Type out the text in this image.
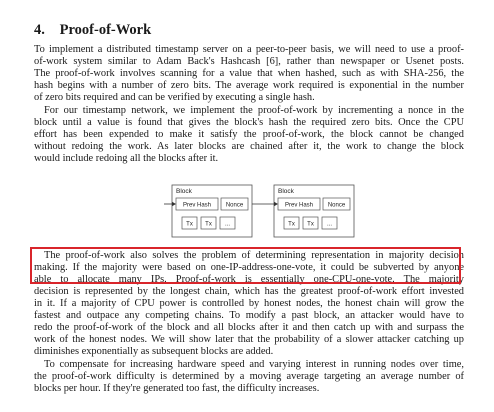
4. Proof-of-Work
To implement a distributed timestamp server on a peer-to-peer basis, we will need to use a proof-
of-work system similar to Adam Back's Hashcash [6], rather than newspaper or Usenet posts.
The proof-of-work involves scanning for a value that when hashed, such as with SHA-256, the
hash begins with a number of zero bits. The average work required is exponential in the number
of zero bits required and can be verified by executing a single hash.
For our timestamp network, we implement the proof-of-work by incrementing a nonce in the
block until a value is found that gives the block's hash the required zero bits. Once the CPU
effort has been expended to make it satisfy the proof-of-work, the block cannot be changed
without redoing the work. As later blocks are chained after it, the work to change the block
would include redoing all the blocks after it.
Block
Prev Hash Nonce
Tx Tx ...
Block
Prev Hash Nonce
Tx Tx ...
The proof-of-work also solves the problem of determining representation in majority decision
making. If the majority were based on one-IP-address-one-vote, it could be subverted by anyone
able to allocate many IPs. Proof-of-work is essentially one-CPU-one-vote. The majority
decision is represented by the longest chain, which has the greatest proof-of-work effort invested
in it. If a majority of CPU power is controlled by honest nodes, the honest chain will grow the
fastest and outpace any competing chains. To modify a past block, an attacker would have to
redo the proof-of-work of the block and all blocks after it and then catch up with and surpass the
work of the honest nodes. We will show later that the probability of a slower attacker catching up
diminishes exponentially as subsequent blocks are added.
To compensate for increasing hardware speed and varying interest in running nodes over time,
the proof-of-work difficulty is determined by a moving average targeting an average number of
blocks per hour. If they're generated too fast, the difficulty increases.
